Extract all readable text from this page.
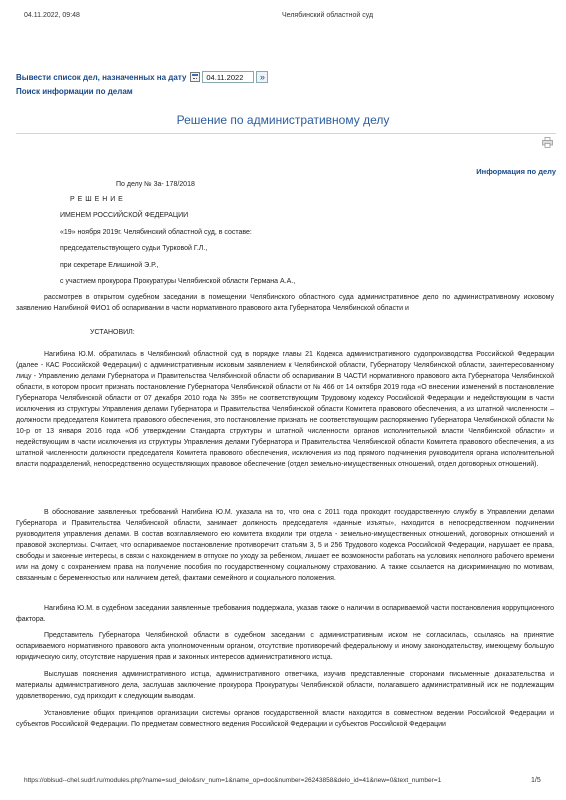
04.11.2022, 09:48	Челябинский областной суд
Вывести список дел, назначенных на дату
04.11.2022	»
Поиск информации по делам
Решение по административному делу
Информация по делу
По делу № 3а- 178/2018
Р Е Ш Е Н И Е
ИМЕНЕМ РОССИЙСКОЙ ФЕДЕРАЦИИ
«19» ноября 2019г. Челябинский областной суд, в составе:
председательствующего судьи Турковой Г.Л.,
при секретаре Елишиной Э.Р.,
с участием прокурора Прокуратуры Челябинской области Германа А.А.,

рассмотрев в открытом судебном заседании в помещении Челябинского областного суда административное дело по административному исковому заявлению Нагибиной ФИО1 об оспаривании в части нормативного правового акта Губернатора Челябинской области и

УСТАНОВИЛ:

Нагибина Ю.М. обратилась в Челябинский областной суд в порядке главы 21 Кодекса административного судопроизводства Российской Федерации (далее - КАС Российской Федерации) с административным исковым заявлением к Челябинской области, Губернатору Челябинской области, заинтересованному лицу - Управлению делами Губернатора и Правительства Челябинской области об оспаривании В ЧАСТИ нормативного правового акта Губернатора Челябинской области, в котором просит признать постановление Губернатора Челябинской области от № 466 от 14 октября 2019 года «О внесении изменений в постановление Губернатора Челябинской области от 07 декабря 2010 года № 395» не соответствующим Трудовому кодексу Российской Федерации и недействующим в части исключения из структуры Управления делами Губернатора и Правительства Челябинской области Комитета правового обеспечения, а из штатной численности – должности председателя Комитета правового обеспечения, это постановление признать не соответствующим распоряжению Губернатора Челябинской области № 10-р от 13 января 2016 года «Об утверждении Стандарта структуры и штатной численности органов исполнительной власти Челябинской области» и недействующим в части исключения из структуры Управления делами Губернатора и Правительства Челябинской области Комитета правового обеспечения, а из штатной численности должности председателя Комитета правового обеспечения, исключения из под прямого подчинения руководителя органа исполнительной власти подразделений, непосредственно осуществляющих правовое обеспечение (отдел земельно-имущественных отношений, отдел договорных отношений).

В обоснование заявленных требований Нагибина Ю.М. указала на то, что она с 2011 года проходит государственную службу в Управлении делами Губернатора и Правительства Челябинской области, занимает должность председателя «данные изъяты», находится в непосредственном подчинении руководителя управления делами. В состав возглавляемого ею комитета входили три отдела - земельно-имущественных отношений, договорных отношений и правовой экспертизы. Считает, что оспариваемое постановление противоречит статьям 3, 5 и 256 Трудового кодекса Российской Федерации, нарушает ее права, свободы и законные интересы, в связи с нахождением в отпуске по уходу за ребенком, лишает ее возможности работать на условиях неполного рабочего времени или на дому с сохранением права на получение пособия по государственному социальному страхованию. А также ссылается на дискриминацию по мотивам, связанным с беременностью или наличием детей, фактами семейного и социального положения.

Нагибина Ю.М. в судебном заседании заявленные требования поддержала, указав также о наличии в оспариваемой части постановления коррупционного фактора.

Представитель Губернатора Челябинской области в судебном заседании с административным иском не согласилась, ссылаясь на принятие оспариваемого нормативного правового акта уполномоченным органом, отсутствие противоречий федеральному и иному законодательству, имеющему большую юридическую силу, отсутствие нарушения прав и законных интересов административного истца.

Выслушав пояснения административного истца, административного ответчика, изучив представленные сторонами письменные доказательства и материалы административного дела, заслушав заключение прокурора Прокуратуры Челябинской области, полагавшего административный иск не подлежащим удовлетворению, суд приходит к следующим выводам.

Установление общих принципов организации системы органов государственной власти находится в совместном ведении Российской Федерации и субъектов Российской Федерации. По предметам совместного ведения Российской Федерации и субъектов Российской Федерации

https://oblsud--chel.sudrf.ru/modules.php?name=sud_delo&srv_num=1&name_op=doc&number=26243858&delo_id=41&new=0&text_number=1	1/5
